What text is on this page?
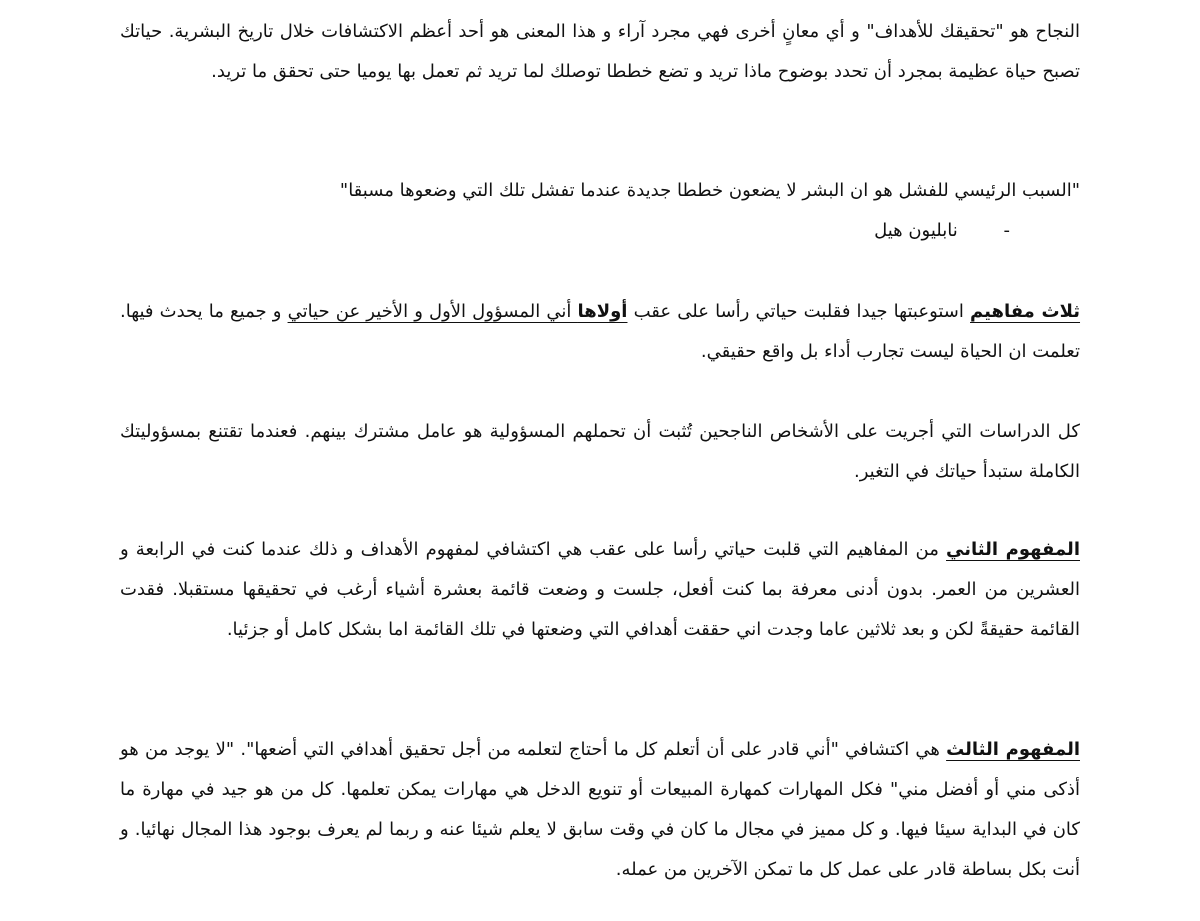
النجاح هو "تحقيقك للأهداف" و أي معانٍ أخرى فهي مجرد آراء و هذا المعنى هو أحد أعظم الاكتشافات خلال تاريخ البشرية. حياتك تصبح حياة عظيمة بمجرد أن تحدد بوضوح ماذا تريد و تضع خططا توصلك لما تريد ثم تعمل بها يوميا حتى تحقق ما تريد.

"السبب الرئيسي للفشل هو ان البشر لا يضعون خططا جديدة عندما تفشل تلك التي وضعوها مسبقا"
- نابليون هيل

ثلاث مفاهيم استوعبتها جيدا فقلبت حياتي رأسا على عقب أولاها أني المسؤول الأول و الأخير عن حياتي و جميع ما يحدث فيها. تعلمت ان الحياة ليست تجارب أداء بل واقع حقيقي.

كل الدراسات التي أجريت على الأشخاص الناجحين تُثبت أن تحملهم المسؤولية هو عامل مشترك بينهم. فعندما تقتنع بمسؤوليتك الكاملة ستبدأ حياتك في التغير.

المفهوم الثاني من المفاهيم التي قلبت حياتي رأسا على عقب هي اكتشافي لمفهوم الأهداف و ذلك عندما كنت في الرابعة و العشرين من العمر. بدون أدنى معرفة بما كنت أفعل، جلست و وضعت قائمة بعشرة أشياء أرغب في تحقيقها مستقبلا. فقدت القائمة حقيقةً لكن و بعد ثلاثين عاما وجدت اني حققت أهدافي التي وضعتها في تلك القائمة اما بشكل كامل أو جزئيا.

المفهوم الثالث هي اكتشافي "أني قادر على أن أتعلم كل ما أحتاج لتعلمه من أجل تحقيق أهدافي التي أضعها". "لا يوجد من هو أذكى مني أو أفضل مني" فكل المهارات كمهارة المبيعات أو تنويع الدخل هي مهارات يمكن تعلمها. كل من هو جيد في مهارة ما كان في البداية سيئا فيها. و كل مميز في مجال ما كان في وقت سابق لا يعلم شيئا عنه و ربما لم يعرف بوجود هذا المجال نهائيا. و أنت بكل بساطة قادر على عمل كل ما تمكن الآخرين من عمله.
